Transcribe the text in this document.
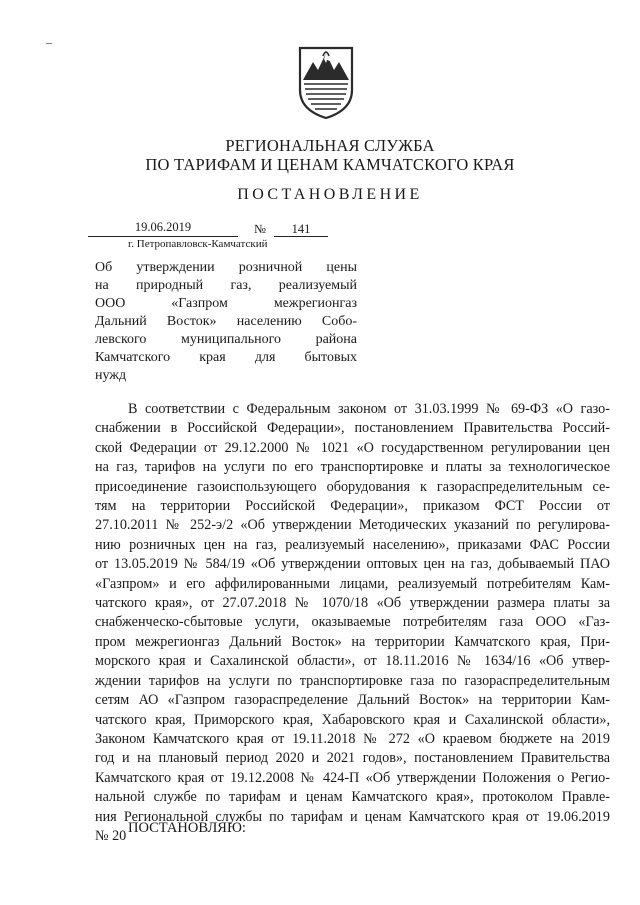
РЕГИОНАЛЬНАЯ СЛУЖБА
ПО ТАРИФАМ И ЦЕНАМ КАМЧАТСКОГО КРАЯ
ПОСТАНОВЛЕНИЕ
19.06.2019	№	141
г. Петропавловск-Камчатский
Об утверждении розничной цены
на природный газ, реализуемый
ООО «Газпром межрегионгаз
Дальний Восток» населению Собо-
левского муниципального района
Камчатского края для бытовых
нужд
В соответствии с Федеральным законом от 31.03.1999 № 69-ФЗ «О газо-
снабжении в Российской Федерации», постановлением Правительства Россий-
ской Федерации от 29.12.2000 № 1021 «О государственном регулировании цен
на газ, тарифов на услуги по его транспортировке и платы за технологическое
присоединение газоиспользующего оборудования к газораспределительным се-
тям на территории Российской Федерации», приказом ФСТ России от
27.10.2011 № 252-э/2 «Об утверждении Методических указаний по регулирова-
нию розничных цен на газ, реализуемый населению», приказами ФАС России
от 13.05.2019 № 584/19 «Об утверждении оптовых цен на газ, добываемый ПАО
«Газпром» и его аффилированными лицами, реализуемый потребителям Кам-
чатского края», от 27.07.2018 № 1070/18 «Об утверждении размера платы за
снабженческо-сбытовые услуги, оказываемые потребителям газа ООО «Газ-
пром межрегионгаз Дальний Восток» на территории Камчатского края, При-
морского края и Сахалинской области», от 18.11.2016 № 1634/16 «Об утвер-
ждении тарифов на услуги по транспортировке газа по газораспределительным
сетям АО «Газпром газораспределение Дальний Восток» на территории Кам-
чатского края, Приморского края, Хабаровского края и Сахалинской области»,
Законом Камчатского края от 19.11.2018 № 272 «О краевом бюджете на 2019
год и на плановый период 2020 и 2021 годов», постановлением Правительства
Камчатского края от 19.12.2008 № 424-П «Об утверждении Положения о Регио-
нальной службе по тарифам и ценам Камчатского края», протоколом Правле-
ния Региональной службы по тарифам и ценам Камчатского края от 19.06.2019
№ 20 ПОСТАНОВЛЯЮ:
